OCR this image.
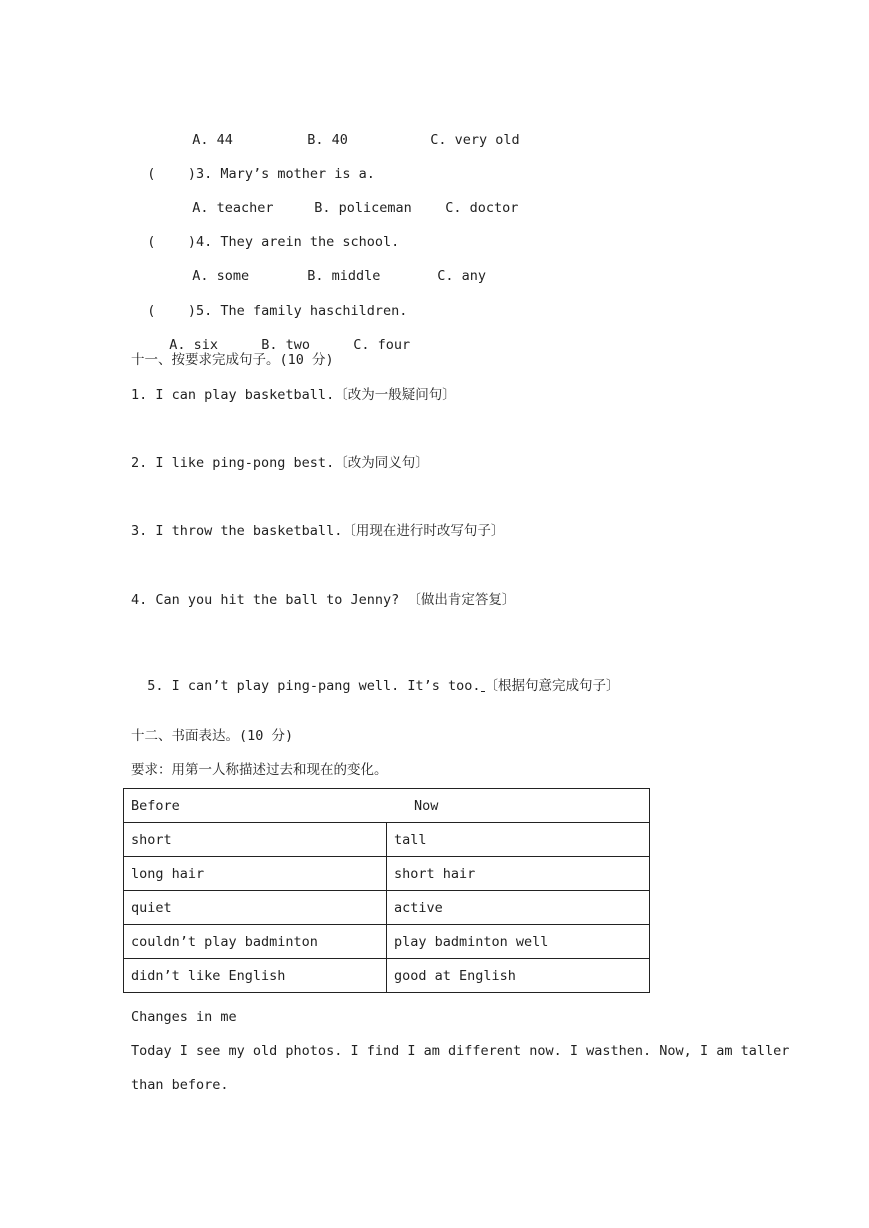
A. 44	B. 40	C. very old

(    )3. Mary’s mother is a.

A. teacher	B. policeman C. doctor

(    )4. They arein the school.

A. some	B. middle	C. any

(    )5. The family haschildren.

A. six	B. two	C. four

十一、按要求完成句子。(10 分)
1. I can play basketball.〔改为一般疑问句〕
2. I like ping-pong best.〔改为同义句〕
3. I throw the basketball.〔用现在进行时改写句子〕
4. Can you hit the ball to Jenny? 〔做出肯定答复〕

5. I can’t play ping-pang well. It’s too. 〔根据句意完成句子〕

十二、书面表达。(10 分)
要求：用第一人称描述过去和现在的变化。
Before Now	
short	tall
long hair	short hair
quiet	active
couldn’t play badminton	play badminton well
didn’t like English	good at English
Changes in me
Today I see my old photos. I find I am different now. I wasthen. Now, I am taller
than before.
